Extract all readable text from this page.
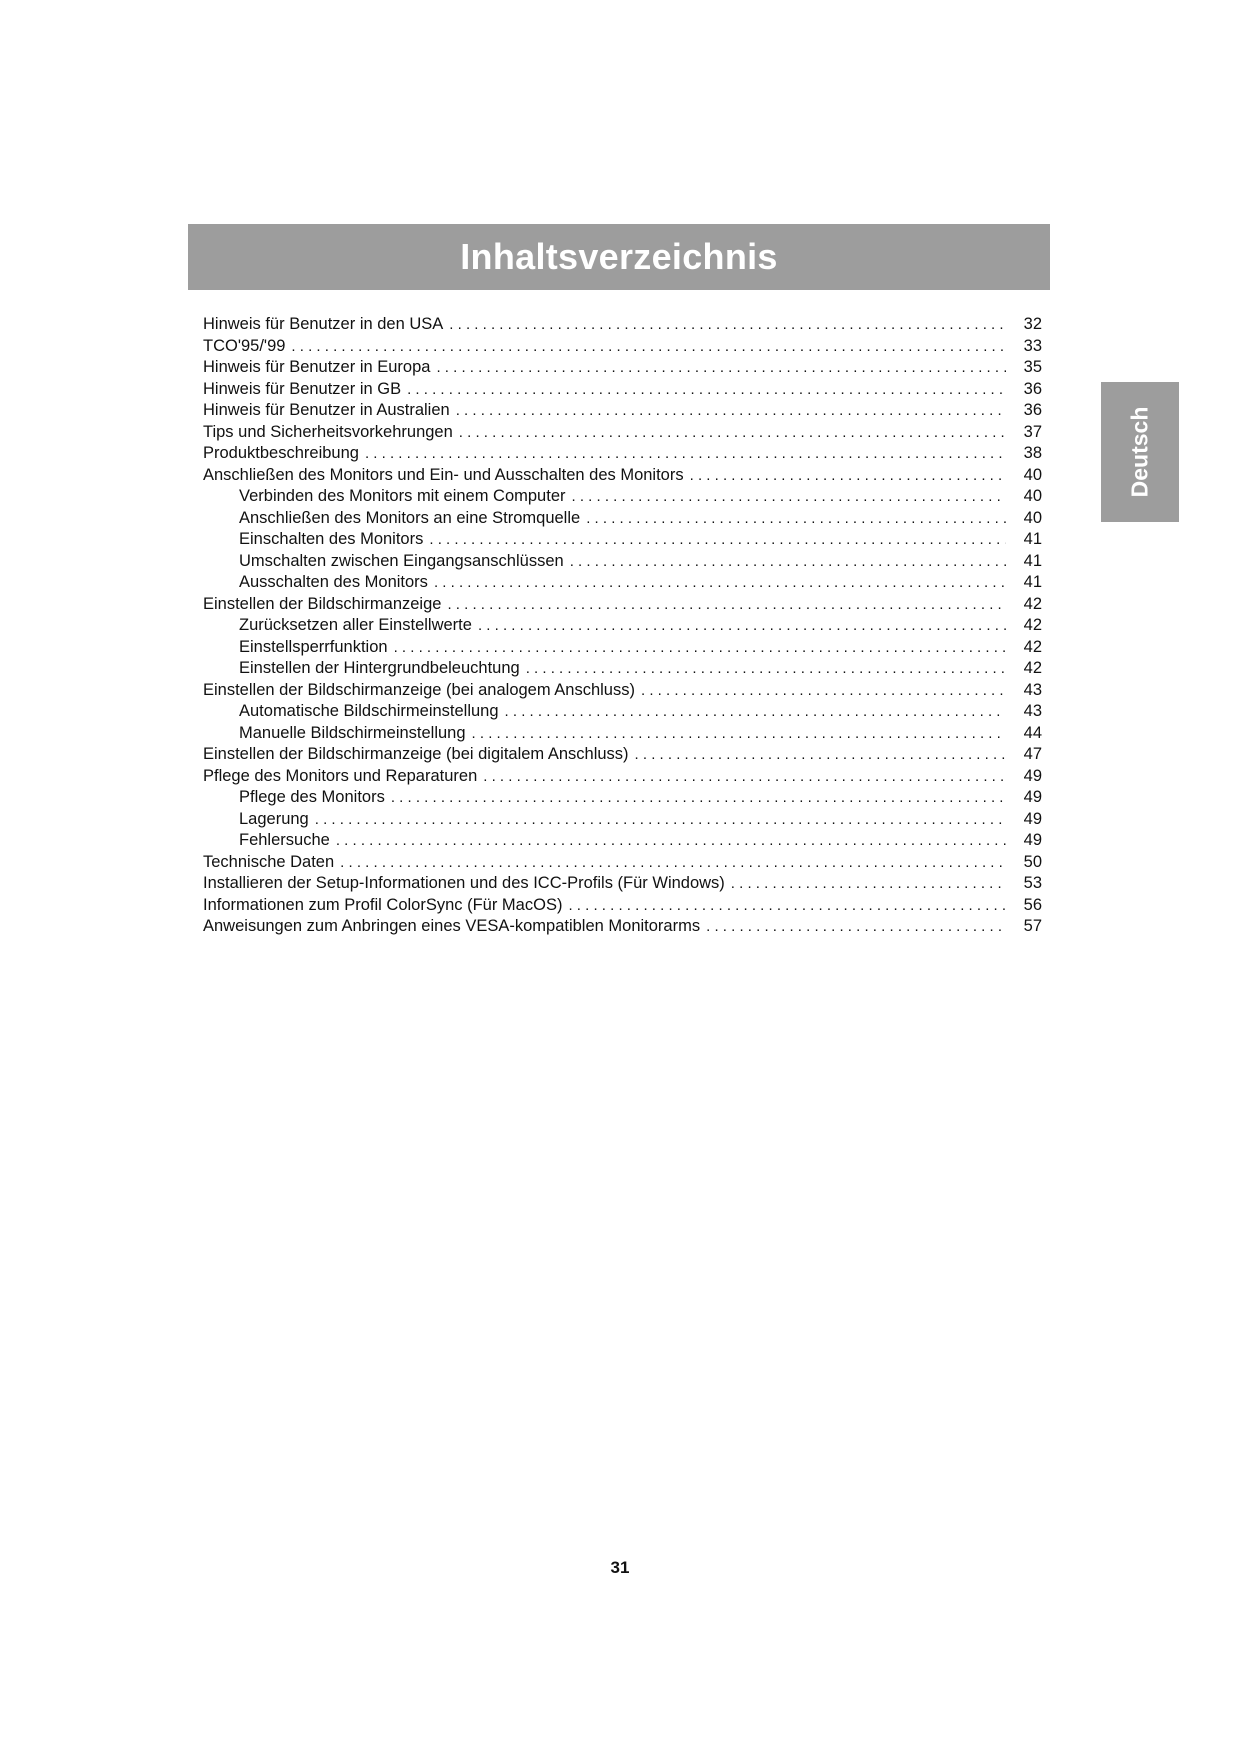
Inhaltsverzeichnis
Deutsch
Hinweis für Benutzer in den USA . . .	32
TCO'95/'99 . . .	33
Hinweis für Benutzer in Europa . . .	35
Hinweis für Benutzer in GB . . .	36
Hinweis für Benutzer in Australien . . .	36
Tips und Sicherheitsvorkehrungen . . .	37
Produktbeschreibung . . .	38
Anschließen des Monitors und Ein- und Ausschalten des Monitors . . .	40
Verbinden des Monitors mit einem Computer . . .	40
Anschließen des Monitors an eine Stromquelle . . .	40
Einschalten des Monitors . . .	41
Umschalten zwischen Eingangsanschlüssen . . .	41
Ausschalten des Monitors . . .	41
Einstellen der Bildschirmanzeige . . .	42
Zurücksetzen aller Einstellwerte . . .	42
Einstellsperrfunktion . . .	42
Einstellen der Hintergrundbeleuchtung . . .	42
Einstellen der Bildschirmanzeige (bei analogem Anschluss) . . .	43
Automatische Bildschirmeinstellung . . .	43
Manuelle Bildschirmeinstellung . . .	44
Einstellen der Bildschirmanzeige (bei digitalem Anschluss) . . .	47
Pflege des Monitors und Reparaturen . . .	49
Pflege des Monitors . . .	49
Lagerung . . .	49
Fehlersuche . . .	49
Technische Daten . . .	50
Installieren der Setup-Informationen und des ICC-Profils (Für Windows) . . .	53
Informationen zum Profil ColorSync (Für MacOS) . . .	56
Anweisungen zum Anbringen eines VESA-kompatiblen Monitorarms . . .	57
31
